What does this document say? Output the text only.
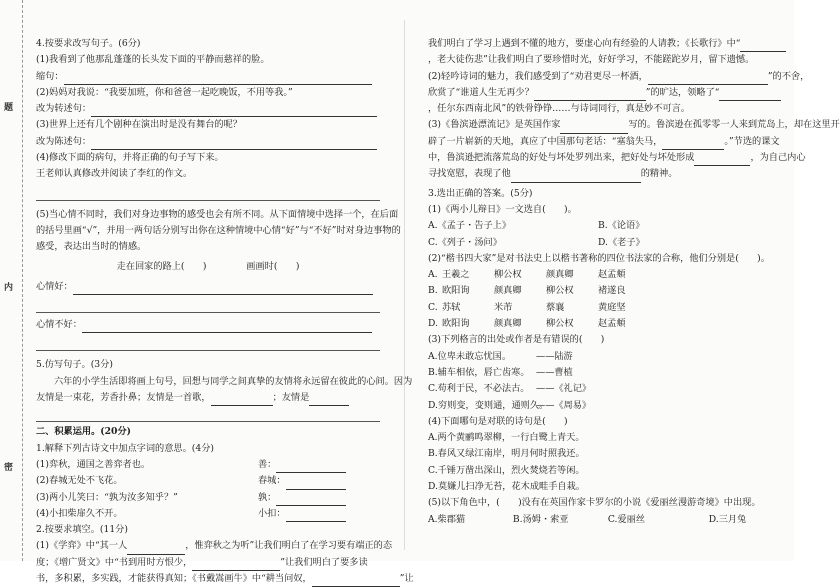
题
内
密
4.按要求改写句子。(6分)
(1)我看到了他那乱蓬蓬的长头发下面的平静而慈祥的脸。
缩句：
(2)妈妈对我说：“我要加班，你和爸爸一起吃晚饭，不用等我。”
改为转述句：
(3)世界上还有几个剧种在演出时是没有舞台的呢？
改为陈述句：
(4)修改下面的病句，并将正确的句子写下来。
王老师认真修改并阅读了李红的作文。
(5)当心情不同时，我们对身边事物的感受也会有所不同。从下面情境中选择一个，在后面
的括号里画“√”，并用一两句话分别写出你在这种情境中心情“好”与“不好”时对身边事物的
感受，表达出当时的情感。
走在回家的路上(　　)	画画时(　　)
心情好：
心情不好：
5.仿写句子。(3分)
六年的小学生活即将画上句号，回想与同学之间真挚的友情将永远留在彼此的心间。因为
友情是一束花，芳香扑鼻；友情是一首歌，	；友情是
二、积累运用。(20分)
1.解释下列古诗文中加点字词的意思。(4分)
(1)弈秋，通国之善弈者也。	善：
(2)春城无处不飞花。	春城：
(3)两小儿笑曰：“孰为汝多知乎？”	孰：
(4)小扣柴扉久不开。	小扣：
2.按要求填空。(11分)
(1)《学弈》中“其一人	，惟弈秋之为听”让我们明白了在学习要有端正的态
度；《增广贤文》中“书到用时方恨少，	”让我们明白了要多读
书，多积累，多实践，才能获得真知；《书戴嵩画牛》中“耕当问奴，	”让
我们明白了学习上遇到不懂的地方，要虚心向有经验的人请教；《长歌行》中“
，老大徒伤悲”让我们明白了要珍惜时光，好好学习，不能蹉跎岁月，留下遗憾。
(2)轻吟诗词的魅力，我们感受到了“劝君更尽一杯酒，	”的不舍，
欣赏了“谁道人生无再少？	”的旷达，领略了“
，任尔东西南北风”的铁骨铮铮……与诗词同行，真是妙不可言。
(3)《鲁滨逊漂流记》是英国作家	写的。鲁滨逊在孤零零一人来到荒岛上，却在这里开
辟了一片崭新的天地，真应了中国那句老话：“塞翁失马，	。”节选的课文
中，鲁滨逊把流落荒岛的好处与坏处罗列出来，把好处与坏处形成	，为自己内心
寻找宽慰，表现了他	的精神。
3.选出正确的答案。(5分)
(1)《两小儿辩日》一文选自(　　)。
A.《孟子・告子上》	B.《论语》
C.《列子・汤问》	D.《老子》
(2)“楷书四大家”是对书法史上以楷书著称的四位书法家的合称，他们分别是(　　)。
A. 王羲之	柳公权	颜真卿	赵孟頫
B. 欧阳询	颜真卿	柳公权	褚遂良
C. 苏轼	米芾	蔡襄	黄庭坚
D. 欧阳询	颜真卿	柳公权	赵孟頫
(3)下列格言的出处或作者是有错误的(　　)
A.位卑未敢忘忧国。	——陆游
B.辅车相依，唇亡齿寒。 ——曹植
C.苟利于民，不必法古。 ——《礼记》
D.穷则变，变则通，通则久。——《周易》
(4)下面哪句是对联的诗句是(　　)
A.两个黄鹂鸣翠柳，一行白鹭上青天。
B.春风又绿江南岸，明月何时照我还。
C.千锤万凿出深山，烈火焚烧若等闲。
D.莫嫌儿扫净无苔，花木成畦手自栽。
(5)以下角色中，(　　)没有在英国作家卡罗尔的小说《爱丽丝漫游奇境》中出现。
A.柴郡猫	B.汤姆・索亚	C.爱丽丝	D.三月兔
